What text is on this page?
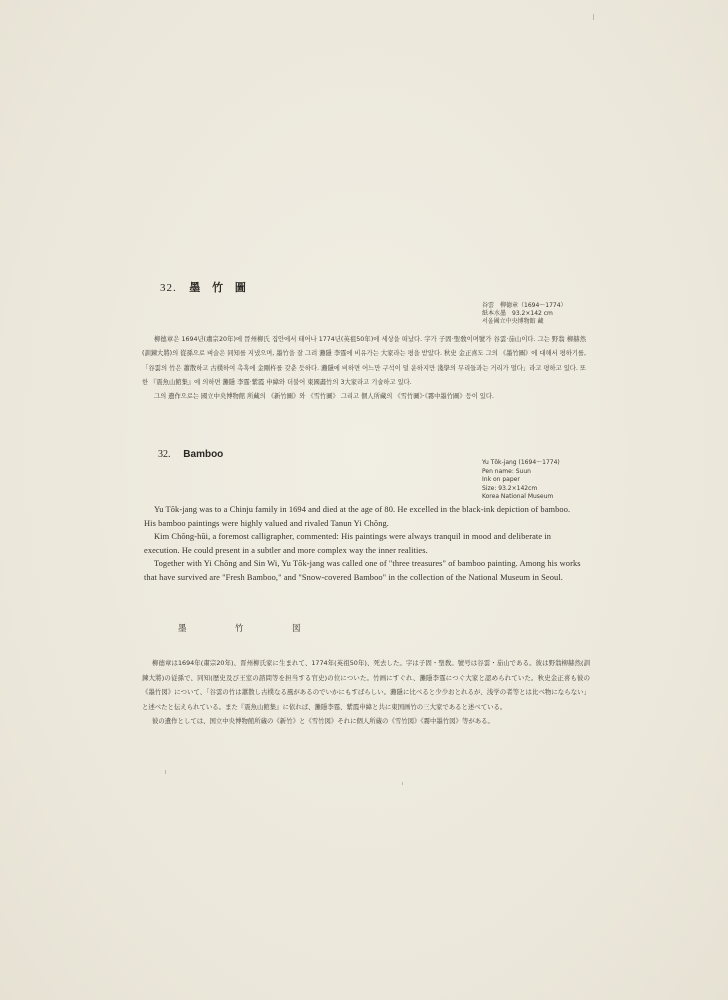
32. 墨 竹 圖
谷雲　柳德章（1694～1774）
紙本水墨　93.2×142 cm
서울國立中央博物館 藏

柳德章은 1694년(肅宗20年)에 晉州柳氏 집안에서 태어나 1774년(英祖50年)에 세상을 떠났다. 字가 子固·聖敎이며號가 谷雲·茄山이다. 그는 野翁 柳赫然(訓鍊大將)의 從孫으로 벼슬은 同知를 지냈으며, 墨竹을 잘 그려 灘隱 李霆에 비유가는 大家라는 평을 받았다. 秋史 金正喜도 그의 《墨竹圖》에 대해서 평하기를, 「谷雲의 竹은 蕭散하고 古樸하여 촉혹에 金剛杵를 갖춘 듯하다. 灘隱에 비하면 어느만 구석이 덜 운하지만 淺學의 무리들과는 거리가 멀다」라고 평하고 있다. 또한 『震魚山館集』에 의하면 灘隱 李霆·紫霞 申緯와 더불어 東國畵竹의 3大家라고 기술하고 있다.

그의 遺作으로는 國立中央博物館 所藏의 《新竹圖》와 《雪竹圖》 그리고 個人所藏의 《雪竹圖》·《霧中墨竹圖》등이 있다.

32. Bamboo
Yu Tŏk-jang (1694～1774)
Pen name: Suun
Ink on paper
Size: 93.2×142cm
Korea National Museum

Yu Tŏk-jang was to a Chinju family in 1694 and died at the age of 80. He excelled in the black-ink depiction of bamboo. His bamboo paintings were highly valued and rivaled Tanun Yi Chŏng.

Kim Chŏng-hŭi, a foremost calligrapher, commented: His paintings were always tranquil in mood and deliberate in execution. He could present in a subtler and more complex way the inner realities.

Together with Yi Chŏng and Sin Wi, Yu Tŏk-jang was called one of "three treasures" of bamboo painting. Among his works that have survived are "Fresh Bamboo," and "Snow-covered Bamboo" in the collection of the National Museum in Seoul.

墨　竹　図

柳德章は1694年(粛宗20年)、晋州柳氏家に生まれて、1774年(英祖50年)、死去した。字は子固・聖敎。號号は谷雲・茄山である。彼は野翁柳赫然(訓鍊大將)の従孫で、同知(歴史及び王室の諮問等を担当する官史)の位についた。竹画にすぐれ、灘隱李霆につぐ大家と認められていた。秋史金正喜も彼の《墨竹図》について、「谷雲の竹は蕭散し古樸なる風があるのでいかにもすばらしい。灘隱に比べると少少おとれるが、浅学の者等とは比べ物にならない」と述べたと伝えられている。また『震魚山館集』に依れば、灘隱李霆、紫霞申緯と共に東国画竹の三大家であると述べている。

彼の遺作としては、国立中央博物館所蔵の《新竹》と《雪竹図》それに個人所蔵の《雪竹図》《霧中墨竹図》等がある。
